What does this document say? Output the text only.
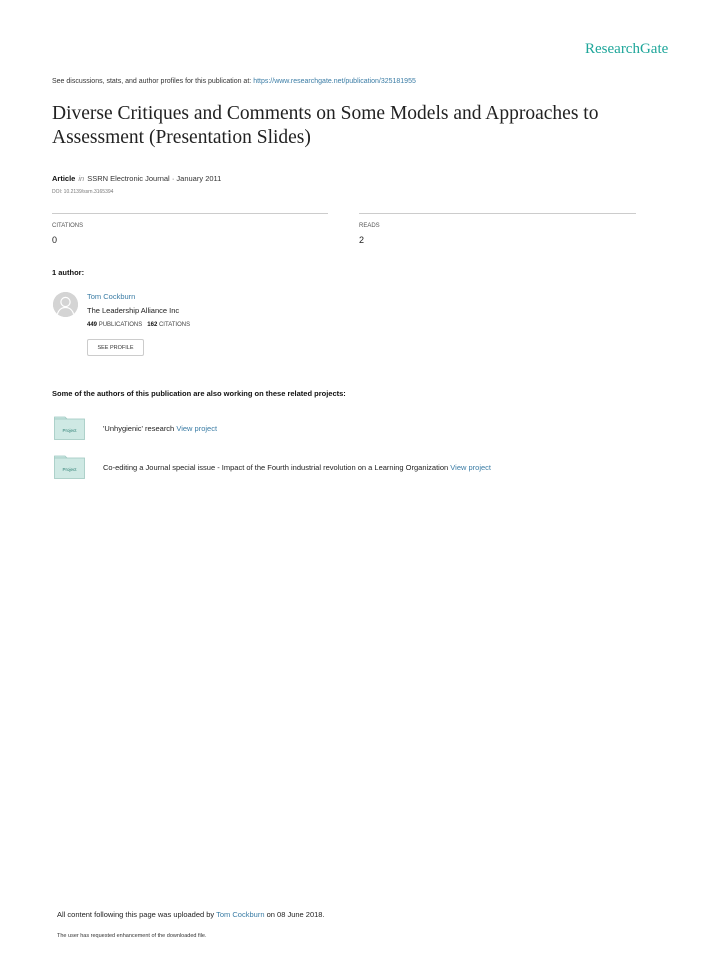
ResearchGate
See discussions, stats, and author profiles for this publication at: https://www.researchgate.net/publication/325181955
Diverse Critiques and Comments on Some Models and Approaches to Assessment (Presentation Slides)
Article in SSRN Electronic Journal · January 2011
DOI: 10.2139/ssrn.3165394
CITATIONS
0
READS
2
1 author:
Tom Cockburn
The Leadership Alliance Inc
449 PUBLICATIONS 162 CITATIONS
SEE PROFILE
Some of the authors of this publication are also working on these related projects:
Project	'Unhygienic' research View project
Project	Co-editing a Journal special issue - Impact of the Fourth industrial revolution on a Learning Organization View project
All content following this page was uploaded by Tom Cockburn on 08 June 2018.
The user has requested enhancement of the downloaded file.
